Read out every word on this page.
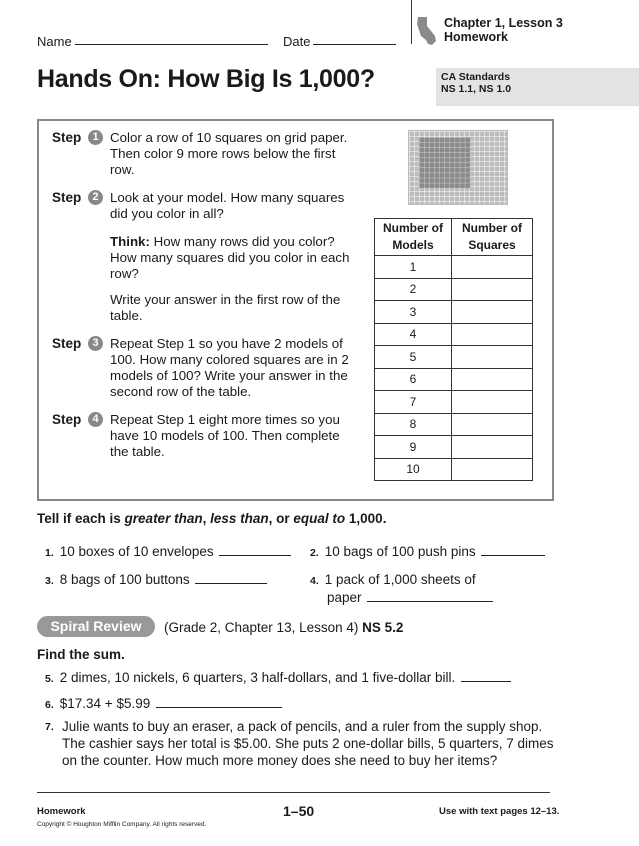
Name	Date
Chapter 1, Lesson 3
Homework
Hands On: How Big Is 1,000?	CA Standards
NS 1.1, NS 1.0
Step	1 Color a row of 10 squares on grid paper. Then color 9 more rows below the first row.
Step	2 Look at your model. How many squares did you color in all?
Think: How many rows did you color? How many squares did you color in each row?
Write your answer in the first row of the table.
Step	3 Repeat Step 1 so you have 2 models of 100. How many colored squares are in 2 models of 100? Write your answer in the second row of the table.
Step	4 Repeat Step 1 eight more times so you have 10 models of 100. Then complete the table.
Number of Models	Number of Squares
1	
2	
3	
4	
5	
6	
7	
8	
9	
10	
Tell if each is greater than, less than, or equal to 1,000.
1. 10 boxes of 10 envelopes	2. 10 bags of 100 push pins
3. 8 bags of 100 buttons	4. 1 pack of 1,000 sheets of
paper
Spiral Review	(Grade 2, Chapter 13, Lesson 4) NS 5.2
Find the sum.
5. 2 dimes, 10 nickels, 6 quarters, 3 half-dollars, and 1 five-dollar bill.
6. $17.34 + $5.99
7. Julie wants to buy an eraser, a pack of pencils, and a ruler from the supply shop. The cashier says her total is $5.00. She puts 2 one-dollar bills, 5 quarters, 7 dimes on the counter. How much more money does she need to buy her items?
Homework	1–50	Use with text pages 12–13.
Copyright © Houghton Mifflin Company. All rights reserved.
